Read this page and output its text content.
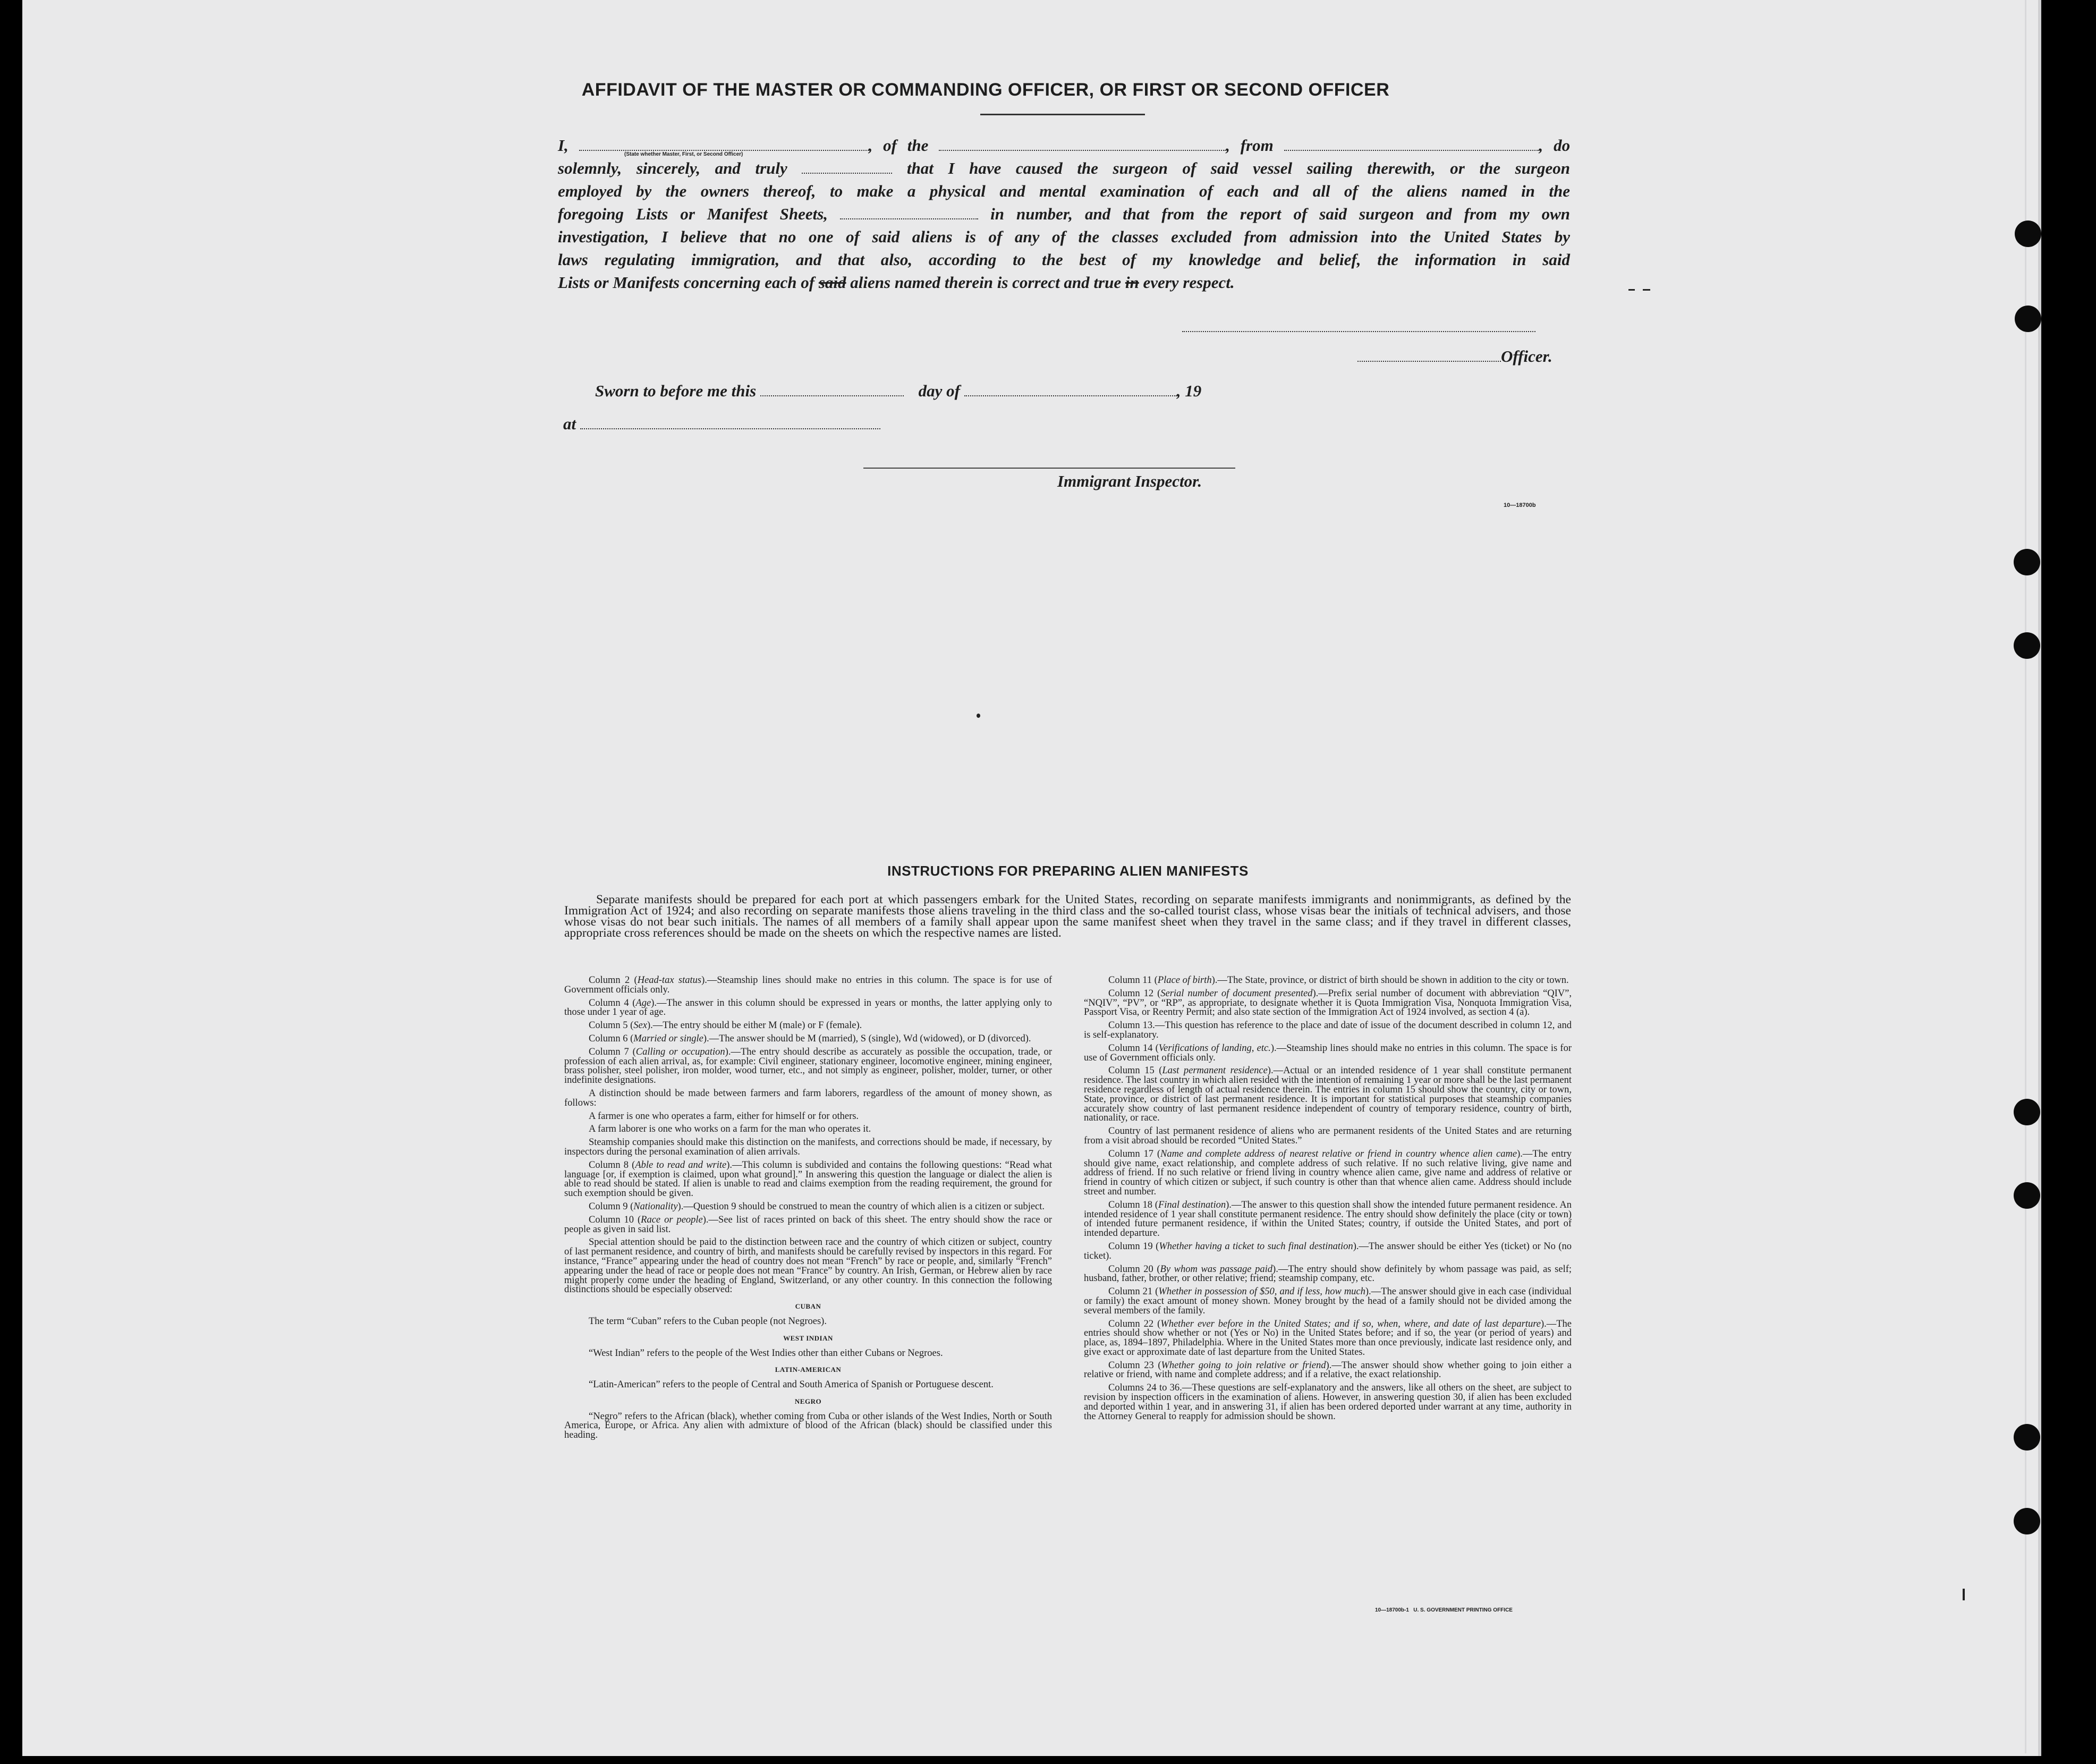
AFFIDAVIT OF THE MASTER OR COMMANDING OFFICER, OR FIRST OR SECOND OFFICER
I,	, of the	, from	, do
solemnly, sincerely, and truly	that I have caused the surgeon of said vessel sailing therewith, or the surgeon
employed by the owners thereof, to make a physical and mental examination of each and all of the aliens named in the
foregoing Lists or Manifest Sheets,	in number, and that from the report of said surgeon and from my own
investigation, I believe that no one of said aliens is of any of the classes excluded from admission into the United States by
laws regulating immigration, and that also, according to the best of my knowledge and belief, the information in said
Lists or Manifests concerning each of said aliens named therein is correct and true in every respect.
(State whether Master, First, or Second Officer)
Officer.
Sworn to before me this	day of	, 19
at
Immigrant Inspector.
10—18700b
INSTRUCTIONS FOR PREPARING ALIEN MANIFESTS

Separate manifests should be prepared for each port at which passengers embark for the United States, recording on separate manifests immigrants and nonimmigrants, as defined by the Immigration Act of 1924; and also recording on separate manifests those aliens traveling in the third class and the so-called tourist class, whose visas bear the initials of technical advisers, and those whose visas do not bear such initials. The names of all members of a family shall appear upon the same manifest sheet when they travel in the same class; and if they travel in different classes, appropriate cross references should be made on the sheets on which the respective names are listed.

Column 2 (Head-tax status).—Steamship lines should make no entries in this column. The space is for use of Government officials only.

Column 4 (Age).—The answer in this column should be expressed in years or months, the latter applying only to those under 1 year of age.

Column 5 (Sex).—The entry should be either M (male) or F (female).

Column 6 (Married or single).—The answer should be M (married), S (single), Wd (widowed), or D (divorced).

Column 7 (Calling or occupation).—The entry should describe as accurately as possible the occupation, trade, or profession of each alien arrival, as, for example: Civil engineer, stationary engineer, locomotive engineer, mining engineer, brass polisher, steel polisher, iron molder, wood turner, etc., and not simply as engineer, polisher, molder, turner, or other indefinite designations.

A distinction should be made between farmers and farm laborers, regardless of the amount of money shown, as follows:

A farmer is one who operates a farm, either for himself or for others.

A farm laborer is one who works on a farm for the man who operates it.

Steamship companies should make this distinction on the manifests, and corrections should be made, if necessary, by inspectors during the personal examination of alien arrivals.

Column 8 (Able to read and write).—This column is subdivided and contains the following questions: “Read what language [or, if exemption is claimed, upon what ground].” In answering this question the language or dialect the alien is able to read should be stated. If alien is unable to read and claims exemption from the reading requirement, the ground for such exemption should be given.

Column 9 (Nationality).—Question 9 should be construed to mean the country of which alien is a citizen or subject.

Column 10 (Race or people).—See list of races printed on back of this sheet. The entry should show the race or people as given in said list.

Special attention should be paid to the distinction between race and the country of which citizen or subject, country of last permanent residence, and country of birth, and manifests should be carefully revised by inspectors in this regard. For instance, “France” appearing under the head of country does not mean “French” by race or people, and, similarly “French” appearing under the head of race or people does not mean “France” by country. An Irish, German, or Hebrew alien by race might properly come under the heading of England, Switzerland, or any other country. In this connection the following distinctions should be especially observed:

CUBAN

The term “Cuban” refers to the Cuban people (not Negroes).

WEST INDIAN

“West Indian” refers to the people of the West Indies other than either Cubans or Negroes.

LATIN-AMERICAN

“Latin-American” refers to the people of Central and South America of Spanish or Portuguese descent.

NEGRO

“Negro” refers to the African (black), whether coming from Cuba or other islands of the West Indies, North or South America, Europe, or Africa. Any alien with admixture of blood of the African (black) should be classified under this heading.

Column 11 (Place of birth).—The State, province, or district of birth should be shown in addition to the city or town.

Column 12 (Serial number of document presented).—Prefix serial number of document with abbreviation “QIV”, “NQIV”, “PV”, or “RP”, as appropriate, to designate whether it is Quota Immigration Visa, Nonquota Immigration Visa, Passport Visa, or Reentry Permit; and also state section of the Immigration Act of 1924 involved, as section 4 (a).

Column 13.—This question has reference to the place and date of issue of the document described in column 12, and is self-explanatory.

Column 14 (Verifications of landing, etc.).—Steamship lines should make no entries in this column. The space is for use of Government officials only.

Column 15 (Last permanent residence).—Actual or an intended residence of 1 year shall constitute permanent residence. The last country in which alien resided with the intention of remaining 1 year or more shall be the last permanent residence regardless of length of actual residence therein. The entries in column 15 should show the country, city or town, State, province, or district of last permanent residence. It is important for statistical purposes that steamship companies accurately show country of last permanent residence independent of country of temporary residence, country of birth, nationality, or race.

Country of last permanent residence of aliens who are permanent residents of the United States and are returning from a visit abroad should be recorded “United States.”

Column 17 (Name and complete address of nearest relative or friend in country whence alien came).—The entry should give name, exact relationship, and complete address of such relative. If no such relative living, give name and address of friend. If no such relative or friend living in country whence alien came, give name and address of relative or friend in country of which citizen or subject, if such country is other than that whence alien came. Address should include street and number.

Column 18 (Final destination).—The answer to this question shall show the intended future permanent residence. An intended residence of 1 year shall constitute permanent residence. The entry should show definitely the place (city or town) of intended future permanent residence, if within the United States; country, if outside the United States, and port of intended departure.

Column 19 (Whether having a ticket to such final destination).—The answer should be either Yes (ticket) or No (no ticket).

Column 20 (By whom was passage paid).—The entry should show definitely by whom passage was paid, as self; husband, father, brother, or other relative; friend; steamship company, etc.

Column 21 (Whether in possession of $50, and if less, how much).—The answer should give in each case (individual or family) the exact amount of money shown. Money brought by the head of a family should not be divided among the several members of the family.

Column 22 (Whether ever before in the United States; and if so, when, where, and date of last departure).—The entries should show whether or not (Yes or No) in the United States before; and if so, the year (or period of years) and place, as, 1894–1897, Philadelphia. Where in the United States more than once previously, indicate last residence only, and give exact or approximate date of last departure from the United States.

Column 23 (Whether going to join relative or friend).—The answer should show whether going to join either a relative or friend, with name and complete address; and if a relative, the exact relationship.

Columns 24 to 36.—These questions are self-explanatory and the answers, like all others on the sheet, are subject to revision by inspection officers in the examination of aliens. However, in answering question 30, if alien has been excluded and deported within 1 year, and in answering 31, if alien has been ordered deported under warrant at any time, authority in the Attorney General to reapply for admission should be shown.

10—18700b-1 U. S. GOVERNMENT PRINTING OFFICE
